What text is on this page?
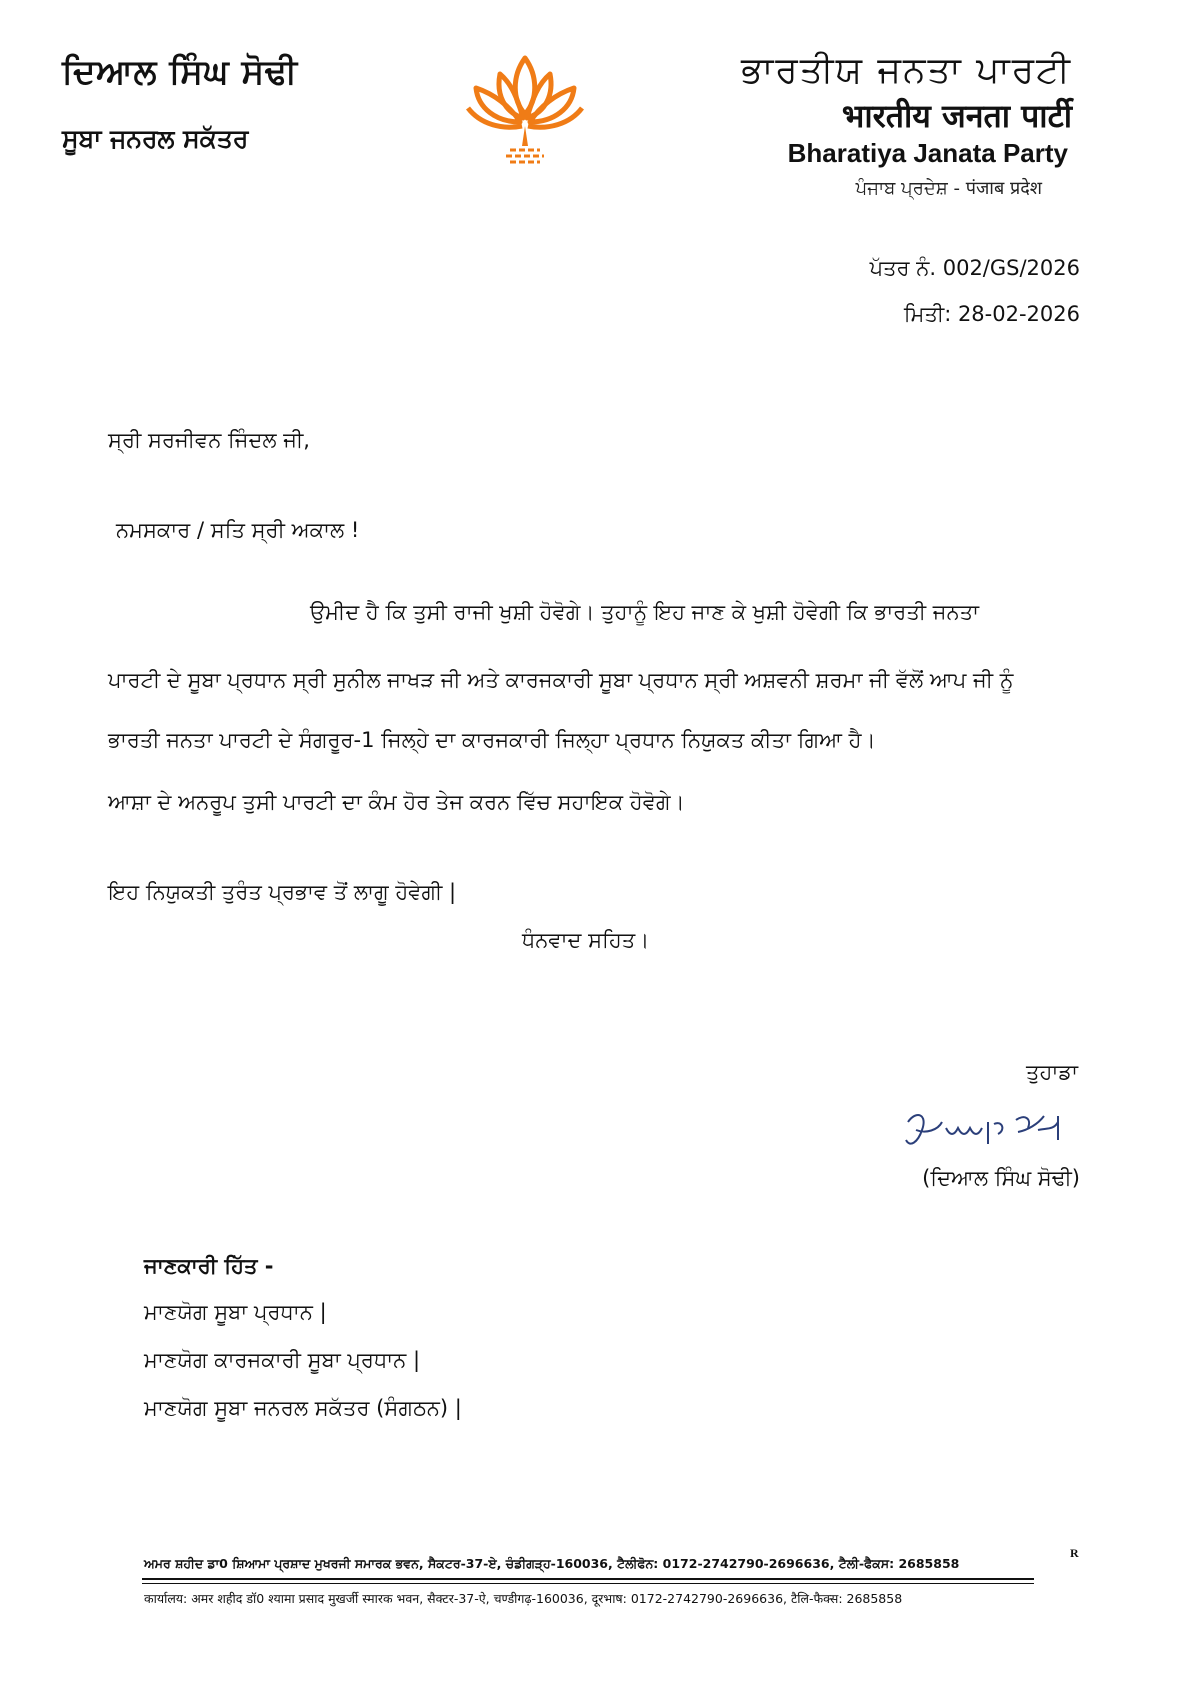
ਦਿਆਲ ਸਿੰਘ ਸੋਢੀ
ਸੂਬਾ ਜਨਰਲ ਸਕੱਤਰ
ਭਾਰਤੀਯ ਜਨਤਾ ਪਾਰਟੀ
भारतीय जनता पार्टी
Bharatiya Janata Party
ਪੰਜਾਬ ਪ੍ਰਦੇਸ਼ - पंजाब प्रदेश
ਪੱਤਰ ਨੰ. 002/GS/2026
ਮਿਤੀ: 28-02-2026
ਸ੍ਰੀ ਸਰਜੀਵਨ ਜਿੰਦਲ ਜੀ,
ਨਮਸਕਾਰ / ਸਤਿ ਸ੍ਰੀ ਅਕਾਲ !
ਉਮੀਦ ਹੈ ਕਿ ਤੁਸੀ ਰਾਜੀ ਖੁਸ਼ੀ ਹੋਵੋਗੇ। ਤੁਹਾਨੂੰ ਇਹ ਜਾਣ ਕੇ ਖੁਸ਼ੀ ਹੋਵੇਗੀ ਕਿ ਭਾਰਤੀ ਜਨਤਾ
ਪਾਰਟੀ ਦੇ ਸੂਬਾ ਪ੍ਰਧਾਨ ਸ੍ਰੀ ਸੁਨੀਲ ਜਾਖੜ ਜੀ ਅਤੇ ਕਾਰਜਕਾਰੀ ਸੂਬਾ ਪ੍ਰਧਾਨ ਸ੍ਰੀ ਅਸ਼ਵਨੀ ਸ਼ਰਮਾ ਜੀ ਵੱਲੋਂ ਆਪ ਜੀ ਨੂੰ
ਭਾਰਤੀ ਜਨਤਾ ਪਾਰਟੀ ਦੇ ਸੰਗਰੂਰ-1 ਜਿਲ੍ਹੇ ਦਾ ਕਾਰਜਕਾਰੀ ਜਿਲ੍ਹਾ ਪ੍ਰਧਾਨ ਨਿਯੁਕਤ ਕੀਤਾ ਗਿਆ ਹੈ।
ਆਸ਼ਾ ਦੇ ਅਨਰੂਪ ਤੁਸੀ ਪਾਰਟੀ ਦਾ ਕੰਮ ਹੋਰ ਤੇਜ ਕਰਨ ਵਿੱਚ ਸਹਾਇਕ ਹੋਵੋਗੇ।
ਇਹ ਨਿਯੁਕਤੀ ਤੁਰੰਤ ਪ੍ਰਭਾਵ ਤੋਂ ਲਾਗੂ ਹੋਵੇਗੀ |
ਧੰਨਵਾਦ ਸਹਿਤ।
ਤੁਹਾਡਾ
(ਦਿਆਲ ਸਿੰਘ ਸੋਢੀ)
ਜਾਣਕਾਰੀ ਹਿੱਤ -
ਮਾਣਯੋਗ ਸੂਬਾ ਪ੍ਰਧਾਨ |
ਮਾਣਯੋਗ ਕਾਰਜਕਾਰੀ ਸੂਬਾ ਪ੍ਰਧਾਨ |
ਮਾਣਯੋਗ ਸੂਬਾ ਜਨਰਲ ਸਕੱਤਰ (ਸੰਗਠਨ) |
R
ਅਮਰ ਸ਼ਹੀਦ ਡਾ0 ਸ਼ਿਆਮਾ ਪ੍ਰਸ਼ਾਦ ਮੁਖਰਜੀ ਸਮਾਰਕ ਭਵਨ, ਸੈਕਟਰ-37-ਏ, ਚੰਡੀਗੜ੍ਹ-160036, ਟੈਲੀਫੋਨ: 0172-2742790-2696636, ਟੈਲੀ-ਫੈਕਸ: 2685858
कार्यालय: अमर शहीद डॉ0 श्यामा प्रसाद मुखर्जी स्मारक भवन, सैक्टर-37-ऐ, चण्डीगढ़-160036, दूरभाष: 0172-2742790-2696636, टैलि-फैक्स: 2685858
